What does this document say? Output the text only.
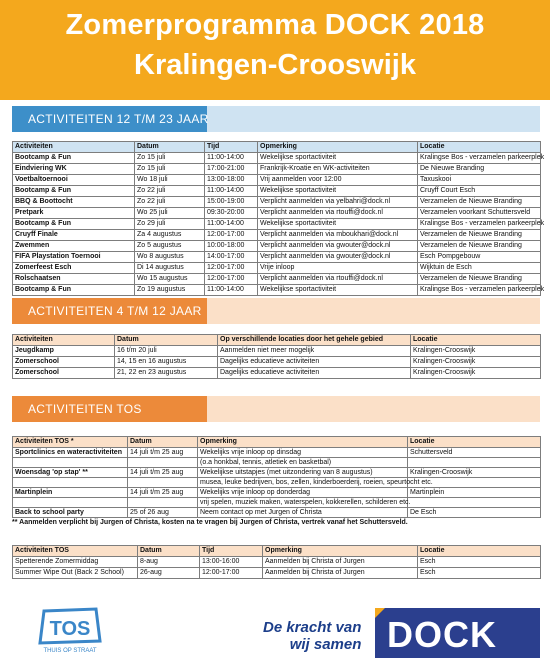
Zomerprogramma DOCK 2018
Kralingen-Crooswijk
ACTIVITEITEN 12 T/M 23 JAAR
Activiteiten	Datum	Tijd	Opmerking	Locatie
Bootcamp & Fun	Zo 15 juli	11:00-14:00	Wekelijkse sportactiviteit	Kralingse Bos - verzamelen parkeerplek
Eindviering WK	Zo 15 juli	17:00-21:00	Frankrijk-Kroatie en WK-activiteiten	De Nieuwe Branding
Voetbaltoernooi	Wo 18 juli	13:00-18:00	Vrij aanmelden voor 12:00	Taxuskooi
Bootcamp & Fun	Zo 22 juli	11:00-14:00	Wekelijkse sportactiviteit	Cruyff Court Esch
BBQ & Boottocht	Zo 22 juli	15:00-19:00	Verplicht aanmelden via yelbahri@dock.nl	Verzamelen de Nieuwe Branding
Pretpark	Wo 25 juli	09:30-20:00	Verplicht aanmelden via rtouffi@dock.nl	Verzamelen voorkant Schuttersveld
Bootcamp & Fun	Zo 29 juli	11:00-14:00	Wekelijkse sportactiviteit	Kralingse Bos - verzamelen parkeerplek
Cruyff Finale	Za 4 augustus	12:00-17:00	Verplicht aanmelden via mboukhari@dock.nl	Verzamelen de Nieuwe Branding
Zwemmen	Zo 5 augustus	10:00-18:00	Verplicht aanmelden via gwouter@dock.nl	Verzamelen de Nieuwe Branding
FIFA Playstation Toernooi	Wo 8 augustus	14:00-17:00	Verplicht aanmelden via gwouter@dock.nl	Esch Pompgebouw
Zomerfeest Esch	Di 14 augustus	12:00-17:00	Vrije inloop	Wijktuin de Esch
Rolschaatsen	Wo 15 augustus	12:00-17:00	Verplicht aanmelden via rtouffi@dock.nl	Verzamelen de Nieuwe Branding
Bootcamp & Fun	Zo 19 augustus	11:00-14:00	Wekelijkse sportactiviteit	Kralingse Bos - verzamelen parkeerplek
ACTIVITEITEN 4 T/M 12 JAAR
Activiteiten	Datum	Op verschillende locaties door het gehele gebied	Locatie
Jeugdkamp	16 t/m 20 juli	Aanmelden niet meer mogelijk	Kralingen-Crooswijk
Zomerschool	14, 15 en 16 augustus	Dagelijks educatieve activiteiten	Kralingen-Crooswijk
Zomerschool	21, 22 en 23 augustus	Dagelijks educatieve activiteiten	Kralingen-Crooswijk
ACTIVITEITEN TOS
Activiteiten TOS *	Datum	Opmerking	Locatie
Sportclinics en wateractiviteiten	14 juli t/m 25 aug	Wekelijks vrije inloop op dinsdag	Schuttersveld
		(o.a honkbal, tennis, atletiek en basketbal)	
Woensdag 'op stap' **	14 juli t/m 25 aug	Wekelijkse uitstapjes (met uitzondering van 8 augustus)	Kralingen-Crooswijk
		musea, leuke bedrijven, bos, zellen, kinderboerderij, roeien, speurtocht etc.	
Martinplein	14 juli t/m 25 aug	Wekelijks vrije inloop op donderdag	Martinplein
		vrij spelen, muziek maken, waterspelen, kokkerellen, schilderen etc.	
Back to school party	25 of 26 aug	Neem contact op met Jurgen of Christa	De Esch
** Aanmelden verplicht bij Jurgen of Christa, kosten na te vragen bij Jurgen of Christa, vertrek vanaf het Schuttersveld.
Activiteiten TOS	Datum	Tijd	Opmerking	Locatie
Spetterende Zomermiddag	8-aug	13:00-16:00	Aanmelden bij Christa of Jurgen	Esch
Summer Wipe Out (Back 2 School)	26-aug	12:00-17:00	Aanmelden bij Christa of Jurgen	Esch
TOS
THUIS OP STRAAT
De kracht van
wij samen DOCK
